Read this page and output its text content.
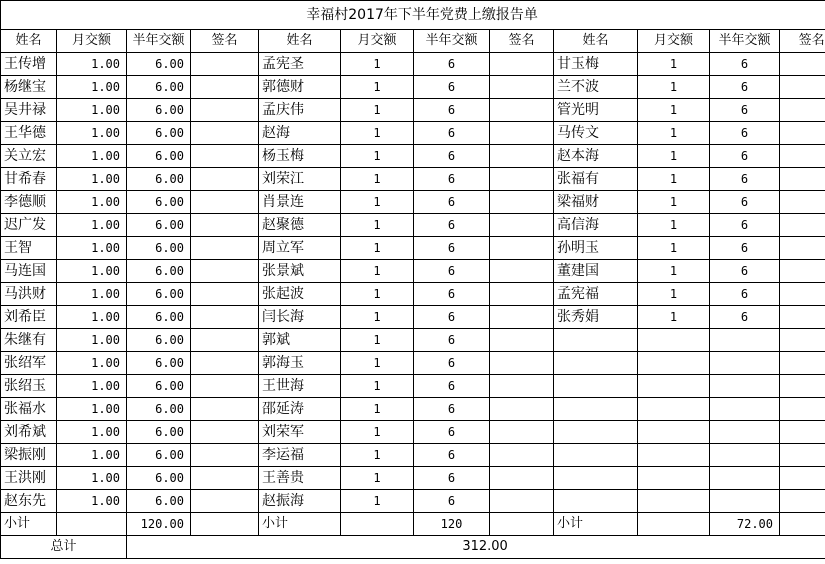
幸福村2017年下半年党费上缴报告单											
姓名	月交额	半年交额	签名	姓名	月交额	半年交额	签名	姓名	月交额	半年交额	签名
王传增	1.00	6.00		孟宪圣	1	6		甘玉梅	1	6	
杨继宝	1.00	6.00		郭德财	1	6		兰不波	1	6	
吴井禄	1.00	6.00		孟庆伟	1	6		管光明	1	6	
王华德	1.00	6.00		赵海	1	6		马传文	1	6	
关立宏	1.00	6.00		杨玉梅	1	6		赵本海	1	6	
甘希春	1.00	6.00		刘荣江	1	6		张福有	1	6	
李德顺	1.00	6.00		肖景连	1	6		梁福财	1	6	
迟广发	1.00	6.00		赵聚德	1	6		高信海	1	6	
王智	1.00	6.00		周立军	1	6		孙明玉	1	6	
马连国	1.00	6.00		张景斌	1	6		董建国	1	6	
马洪财	1.00	6.00		张起波	1	6		孟宪福	1	6	
刘希臣	1.00	6.00		闫长海	1	6		张秀娟	1	6	
朱继有	1.00	6.00		郭斌	1	6					
张绍军	1.00	6.00		郭海玉	1	6					
张绍玉	1.00	6.00		王世海	1	6					
张福水	1.00	6.00		邵延涛	1	6					
刘希斌	1.00	6.00		刘荣军	1	6					
梁振刚	1.00	6.00		李运福	1	6					
王洪刚	1.00	6.00		王善贵	1	6					
赵东先	1.00	6.00		赵振海	1	6					
小计		120.00		小计		120		小计		72.00	
总计		312.00									
